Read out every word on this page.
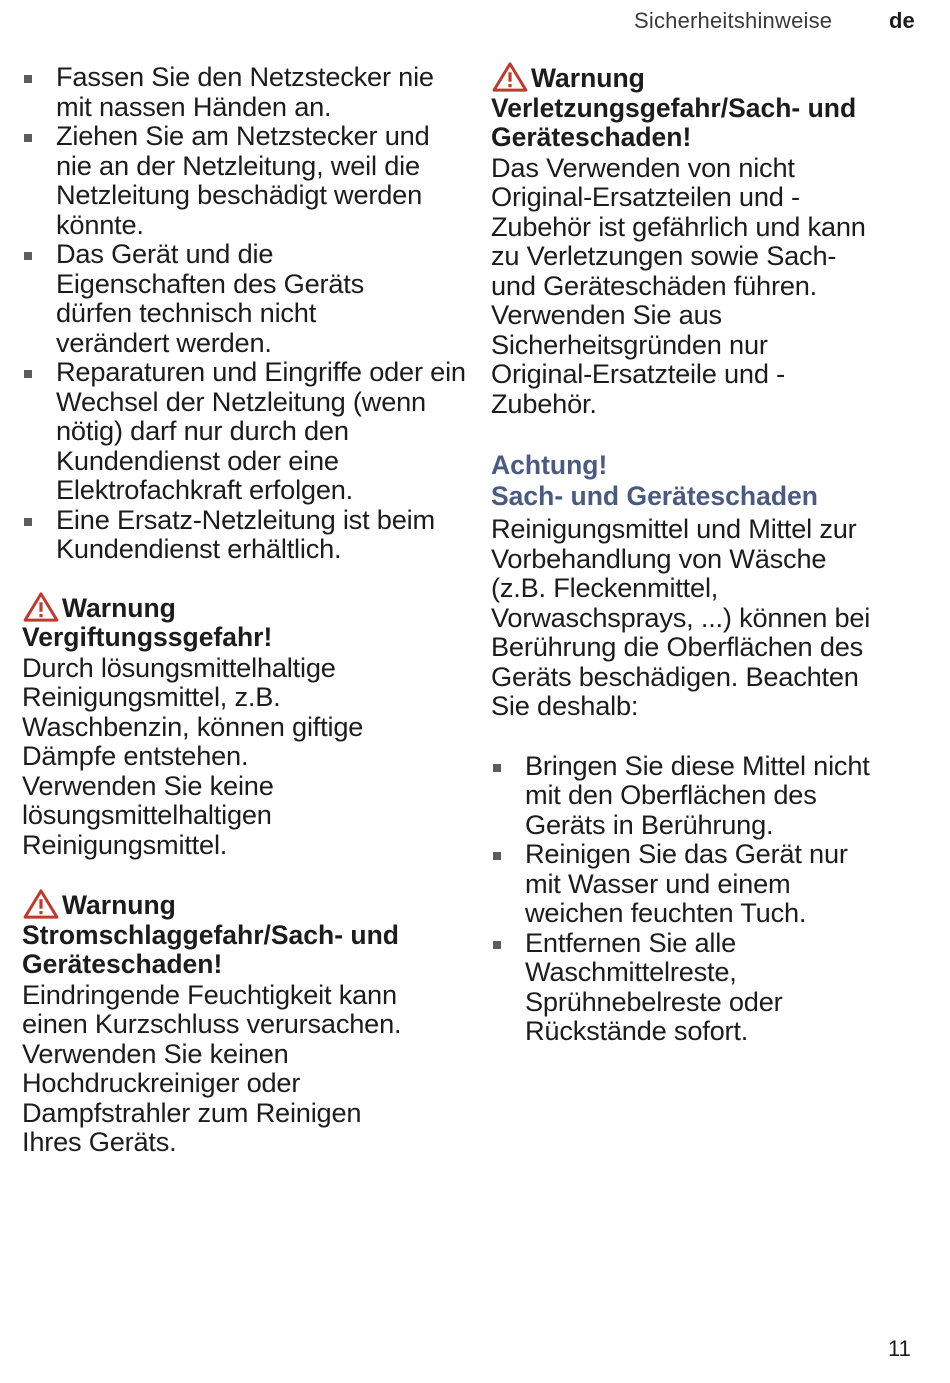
Sicherheitshinweise	de
Fassen Sie den Netzstecker nie mit nassen Händen an.
Ziehen Sie am Netzstecker und nie an der Netzleitung, weil die Netzleitung beschädigt werden könnte.
Das Gerät und die Eigenschaften des Geräts dürfen technisch nicht verändert werden.
Reparaturen und Eingriffe oder ein Wechsel der Netzleitung (wenn nötig) darf nur durch den Kundendienst oder eine Elektrofachkraft erfolgen.
Eine Ersatz-Netzleitung ist beim Kundendienst erhältlich.
Warnung
Vergiftungssgefahr!
Durch lösungsmittelhaltige
Reinigungsmittel, z.B.
Waschbenzin, können giftige
Dämpfe entstehen.
Verwenden Sie keine
lösungsmittelhaltigen
Reinigungsmittel.
Warnung
Stromschlaggefahr/Sach- und
Geräteschaden!
Eindringende Feuchtigkeit kann
einen Kurzschluss verursachen.
Verwenden Sie keinen
Hochdruckreiniger oder
Dampfstrahler zum Reinigen
Ihres Geräts.
Warnung
Verletzungsgefahr/Sach- und
Geräteschaden!
Das Verwenden von nicht
Original-Ersatzteilen und -
Zubehör ist gefährlich und kann
zu Verletzungen sowie Sach-
und Geräteschäden führen.
Verwenden Sie aus
Sicherheitsgründen nur
Original-Ersatzteile und -
Zubehör.
Achtung!
Sach- und Geräteschaden
Reinigungsmittel und Mittel zur
Vorbehandlung von Wäsche
(z.B. Fleckenmittel,
Vorwaschsprays, ...) können bei
Berührung die Oberflächen des
Geräts beschädigen. Beachten
Sie deshalb:
Bringen Sie diese Mittel nicht
mit den Oberflächen des
Geräts in Berührung.
Reinigen Sie das Gerät nur
mit Wasser und einem
weichen feuchten Tuch.
Entfernen Sie alle
Waschmittelreste,
Sprühnebelreste oder
Rückstände sofort.
11
